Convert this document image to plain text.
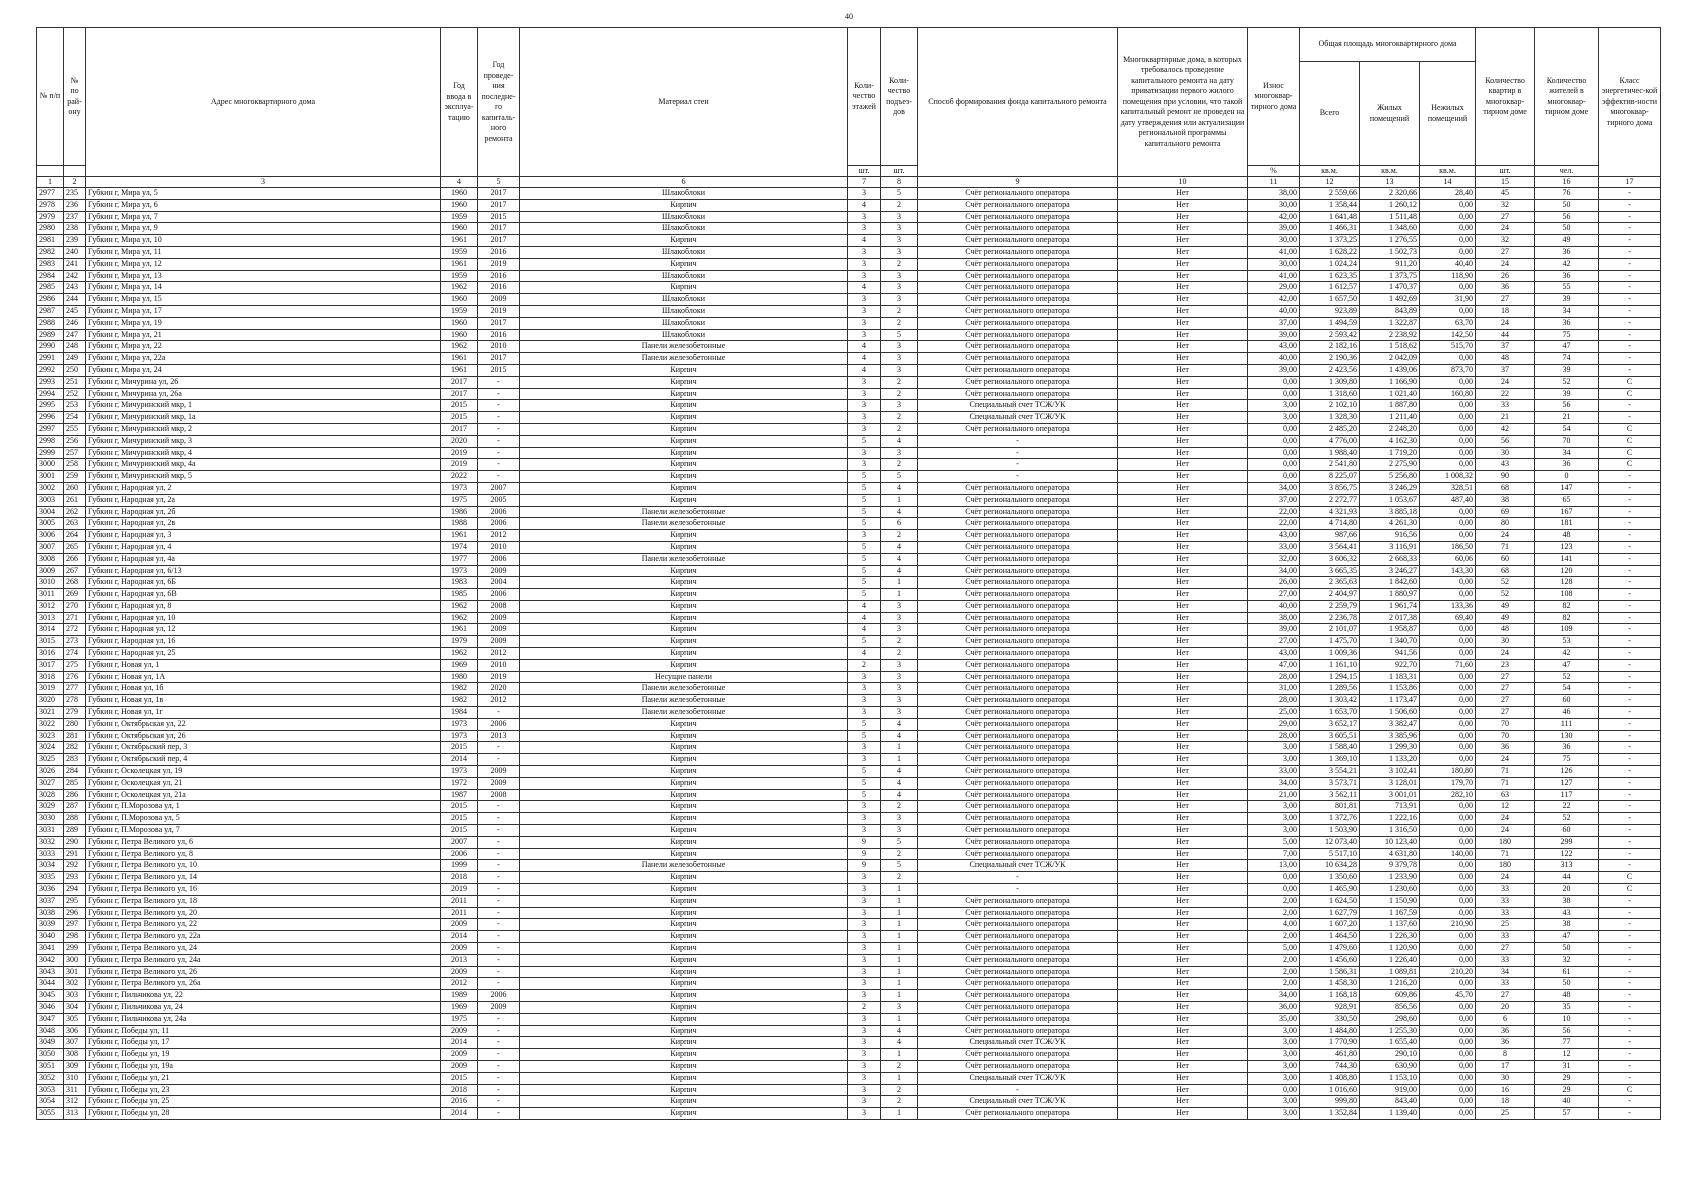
40
№ п/п	№ по рай-ону	Адрес многоквартирного дома	Год ввода в эксплуа-тацию	Год проведе-ния последне-го капиталь-ного ремонта	Материал стен	Коли-чество этажей	Коли-чество подъез-дов	Способ формирования фонда капитального ремонта	Многоквартирные дома, в которых требовалось проведение капитального ремонта на дату приватизации первого жилого помещения при условии, что такой капитальный ремонт не проведен на дату утверждения или актуализации региональной программы капитального ремонта	Износ многоквар-тирного дома	Общая площадь многоквартирного дома			Количество квартир в многоквар-тирном доме	Количество жителей в многоквар-тирном доме	Класс энергетичес-кой эффектив-ности многоквар-тирного дома
											Всего	Жилых помещений	Нежилых помещений			
						шт.	шт.			%	кв.м.	кв.м.	кв.м.	шт.	чел.	
1	2	3	4	5	6	7	8	9	10	11	12	13	14	15	16	17
2977	235	Губкин г, Мира ул, 5	1960	2017	Шлакоблоки	3	5	Счёт регионального оператора	Нет	38,00	2 559,66	2 320,66	28,40	45	76	-
2978	236	Губкин г, Мира ул, 6	1960	2017	Кирпич	4	2	Счёт регионального оператора	Нет	30,00	1 358,44	1 260,12	0,00	32	50	-
2979	237	Губкин г, Мира ул, 7	1959	2015	Шлакоблоки	3	3	Счёт регионального оператора	Нет	42,00	1 641,48	1 511,48	0,00	27	56	-
2980	238	Губкин г, Мира ул, 9	1960	2017	Шлакоблоки	3	3	Счёт регионального оператора	Нет	39,00	1 466,31	1 348,60	0,00	24	50	-
2981	239	Губкин г, Мира ул, 10	1961	2017	Кирпич	4	3	Счёт регионального оператора	Нет	30,00	1 373,25	1 276,55	0,00	32	49	-
2982	240	Губкин г, Мира ул, 11	1959	2016	Шлакоблоки	3	3	Счёт регионального оператора	Нет	41,00	1 628,22	1 502,73	0,00	27	36	-
2983	241	Губкин г, Мира ул, 12	1961	2019	Кирпич	3	2	Счёт регионального оператора	Нет	30,00	1 024,24	911,20	40,40	24	42	-
2984	242	Губкин г, Мира ул, 13	1959	2016	Шлакоблоки	3	3	Счёт регионального оператора	Нет	41,00	1 623,35	1 373,75	118,90	26	36	-
2985	243	Губкин г, Мира ул, 14	1962	2016	Кирпич	4	3	Счёт регионального оператора	Нет	29,00	1 612,57	1 470,37	0,00	36	55	-
2986	244	Губкин г, Мира ул, 15	1960	2009	Шлакоблоки	3	3	Счёт регионального оператора	Нет	42,00	1 657,50	1 492,69	31,90	27	39	-
2987	245	Губкин г, Мира ул, 17	1959	2019	Шлакоблоки	3	2	Счёт регионального оператора	Нет	40,00	923,89	843,89	0,00	18	34	-
2988	246	Губкин г, Мира ул, 19	1960	2017	Шлакоблоки	3	2	Счёт регионального оператора	Нет	37,00	1 494,59	1 322,87	63,70	24	36	-
2989	247	Губкин г, Мира ул, 21	1960	2016	Шлакоблоки	3	5	Счёт регионального оператора	Нет	39,00	2 593,42	2 238,92	142,50	44	75	-
2990	248	Губкин г, Мира ул, 22	1962	2010	Панели железобетонные	4	3	Счёт регионального оператора	Нет	43,00	2 182,16	1 518,62	515,70	37	47	-
2991	249	Губкин г, Мира ул, 22а	1961	2017	Панели железобетонные	4	3	Счёт регионального оператора	Нет	40,00	2 190,36	2 042,09	0,00	48	74	-
2992	250	Губкин г, Мира ул, 24	1961	2015	Кирпич	4	3	Счёт регионального оператора	Нет	39,00	2 423,56	1 439,06	873,70	37	39	-
2993	251	Губкин г, Мичурина ул, 26	2017	-	Кирпич	3	2	Счёт регионального оператора	Нет	0,00	1 309,80	1 166,90	0,00	24	52	С
2994	252	Губкин г, Мичурина ул, 26а	2017	-	Кирпич	3	2	Счёт регионального оператора	Нет	0,00	1 318,60	1 021,40	160,80	22	39	С
2995	253	Губкин г, Мичуринский мкр, 1	2015	-	Кирпич	3	3	Специальный счет ТСЖ/УК	Нет	3,00	2 102,10	1 887,80	0,00	33	56	-
2996	254	Губкин г, Мичуринский мкр, 1а	2015	-	Кирпич	3	2	Специальный счет ТСЖ/УК	Нет	3,00	1 328,30	1 211,40	0,00	21	21	-
2997	255	Губкин г, Мичуринский мкр, 2	2017	-	Кирпич	3	2	Счёт регионального оператора	Нет	0,00	2 485,20	2 248,20	0,00	42	54	С
2998	256	Губкин г, Мичуринский мкр, 3	2020	-	Кирпич	5	4	-	Нет	0,00	4 776,00	4 162,30	0,00	56	70	С
2999	257	Губкин г, Мичуринский мкр, 4	2019	-	Кирпич	3	3	-	Нет	0,00	1 988,40	1 719,20	0,00	30	34	С
3000	258	Губкин г, Мичуринский мкр, 4а	2019	-	Кирпич	3	2	-	Нет	0,00	2 541,80	2 275,90	0,00	43	36	С
3001	259	Губкин г, Мичуринский мкр, 5	2022	-	Кирпич	5	5	-	Нет	0,00	8 225,07	5 256,80	1 008,32	90	0	-
3002	260	Губкин г, Народная ул, 2	1973	2007	Кирпич	5	4	Счёт регионального оператора	Нет	34,00	3 856,75	3 246,29	328,51	68	147	-
3003	261	Губкин г, Народная ул, 2а	1975	2005	Кирпич	5	1	Счёт регионального оператора	Нет	37,00	2 272,77	1 053,67	487,40	38	65	-
3004	262	Губкин г, Народная ул, 2б	1986	2006	Панели железобетонные	5	4	Счёт регионального оператора	Нет	22,00	4 321,93	3 885,18	0,00	69	167	-
3005	263	Губкин г, Народная ул, 2в	1988	2006	Панели железобетонные	5	6	Счёт регионального оператора	Нет	22,00	4 714,80	4 261,30	0,00	80	181	-
3006	264	Губкин г, Народная ул, 3	1961	2012	Кирпич	3	2	Счёт регионального оператора	Нет	43,00	987,66	916,56	0,00	24	48	-
3007	265	Губкин г, Народная ул, 4	1974	2010	Кирпич	5	4	Счёт регионального оператора	Нет	33,00	3 564,41	3 116,91	186,50	71	123	-
3008	266	Губкин г, Народная ул, 4а	1977	2006	Панели железобетонные	5	4	Счёт регионального оператора	Нет	32,00	3 606,32	2 668,33	60,06	60	141	-
3009	267	Губкин г, Народная ул, 6/13	1973	2009	Кирпич	5	4	Счёт регионального оператора	Нет	34,00	3 665,35	3 246,27	143,30	68	120	-
3010	268	Губкин г, Народная ул, 6Б	1983	2004	Кирпич	5	1	Счёт регионального оператора	Нет	26,00	2 365,63	1 842,60	0,00	52	128	-
3011	269	Губкин г, Народная ул, 6В	1985	2006	Кирпич	5	1	Счёт регионального оператора	Нет	27,00	2 404,97	1 880,97	0,00	52	108	-
3012	270	Губкин г, Народная ул, 8	1962	2008	Кирпич	4	3	Счёт регионального оператора	Нет	40,00	2 259,79	1 961,74	133,36	49	82	-
3013	271	Губкин г, Народная ул, 10	1962	2009	Кирпич	4	3	Счёт регионального оператора	Нет	38,00	2 236,78	2 017,38	69,40	49	82	-
3014	272	Губкин г, Народная ул, 12	1961	2009	Кирпич	4	3	Счёт регионального оператора	Нет	39,00	2 101,07	1 958,87	0,00	48	109	-
3015	273	Губкин г, Народная ул, 16	1979	2009	Кирпич	5	2	Счёт регионального оператора	Нет	27,00	1 475,70	1 340,70	0,00	30	53	-
3016	274	Губкин г, Народная ул, 25	1962	2012	Кирпич	4	2	Счёт регионального оператора	Нет	43,00	1 009,36	941,56	0,00	24	42	-
3017	275	Губкин г, Новая ул, 1	1969	2010	Кирпич	2	3	Счёт регионального оператора	Нет	47,00	1 161,10	922,70	71,60	23	47	-
3018	276	Губкин г, Новая ул, 1А	1980	2019	Несущие панели	3	3	Счёт регионального оператора	Нет	28,00	1 294,15	1 183,31	0,00	27	52	-
3019	277	Губкин г, Новая ул, 1б	1982	2020	Панели железобетонные	3	3	Счёт регионального оператора	Нет	31,00	1 289,56	1 153,86	0,00	27	54	-
3020	278	Губкин г, Новая ул, 1в	1982	2012	Панели железобетонные	3	3	Счёт регионального оператора	Нет	28,00	1 303,42	1 173,47	0,00	27	60	-
3021	279	Губкин г, Новая ул, 1г	1984	-	Панели железобетонные	3	3	Счёт регионального оператора	Нет	25,00	1 653,70	1 506,60	0,00	27	46	-
3022	280	Губкин г, Октябрьская ул, 22	1973	2006	Кирпич	5	4	Счёт регионального оператора	Нет	29,00	3 652,17	3 382,47	0,00	70	111	-
3023	281	Губкин г, Октябрьская ул, 26	1973	2013	Кирпич	5	4	Счёт регионального оператора	Нет	28,00	3 605,51	3 385,96	0,00	70	130	-
3024	282	Губкин г, Октябрьский пер, 3	2015	-	Кирпич	3	1	Счёт регионального оператора	Нет	3,00	1 588,40	1 299,30	0,00	36	36	-
3025	283	Губкин г, Октябрьский пер, 4	2014	-	Кирпич	3	1	Счёт регионального оператора	Нет	3,00	1 369,10	1 133,20	0,00	24	75	-
3026	284	Губкин г, Осколецкая ул, 19	1973	2009	Кирпич	5	4	Счёт регионального оператора	Нет	33,00	3 554,21	3 102,41	180,80	71	126	-
3027	285	Губкин г, Осколецкая ул, 21	1972	2009	Кирпич	5	4	Счёт регионального оператора	Нет	34,00	3 573,71	3 128,01	179,70	71	127	-
3028	286	Губкин г, Осколецкая ул, 21а	1987	2008	Кирпич	5	4	Счёт регионального оператора	Нет	21,00	3 562,11	3 001,01	282,10	63	117	-
3029	287	Губкин г, П.Морозова ул, 1	2015	-	Кирпич	3	2	Счёт регионального оператора	Нет	3,00	801,81	713,91	0,00	12	22	-
3030	288	Губкин г, П.Морозова ул, 5	2015	-	Кирпич	3	3	Счёт регионального оператора	Нет	3,00	1 372,76	1 222,16	0,00	24	52	-
3031	289	Губкин г, П.Морозова ул, 7	2015	-	Кирпич	3	3	Счёт регионального оператора	Нет	3,00	1 503,90	1 316,50	0,00	24	60	-
3032	290	Губкин г, Петра Великого ул, 6	2007	-	Кирпич	9	5	Счёт регионального оператора	Нет	5,00	12 073,40	10 123,40	0,00	180	299	-
3033	291	Губкин г, Петра Великого ул, 8	2006	-	Кирпич	9	2	Счёт регионального оператора	Нет	7,00	5 517,10	4 631,80	140,00	71	122	-
3034	292	Губкин г, Петра Великого ул, 10	1999	-	Панели железобетонные	9	5	Специальный счет ТСЖ/УК	Нет	13,00	10 634,28	9 379,78	0,00	180	313	-
3035	293	Губкин г, Петра Великого ул, 14	2018	-	Кирпич	3	2	-	Нет	0,00	1 350,60	1 233,90	0,00	24	44	С
3036	294	Губкин г, Петра Великого ул, 16	2019	-	Кирпич	3	1	-	Нет	0,00	1 465,90	1 230,60	0,00	33	20	С
3037	295	Губкин г, Петра Великого ул, 18	2011	-	Кирпич	3	1	Счёт регионального оператора	Нет	2,00	1 624,50	1 150,90	0,00	33	38	-
3038	296	Губкин г, Петра Великого ул, 20	2011	-	Кирпич	3	1	Счёт регионального оператора	Нет	2,00	1 627,79	1 167,59	0,00	33	43	-
3039	297	Губкин г, Петра Великого ул, 22	2009	-	Кирпич	3	1	Счёт регионального оператора	Нет	4,00	1 607,20	1 137,60	210,90	25	38	-
3040	298	Губкин г, Петра Великого ул, 22а	2014	-	Кирпич	3	1	Счёт регионального оператора	Нет	2,00	1 464,50	1 226,30	0,00	33	47	-
3041	299	Губкин г, Петра Великого ул, 24	2009	-	Кирпич	3	1	Счёт регионального оператора	Нет	5,00	1 479,60	1 120,90	0,00	27	50	-
3042	300	Губкин г, Петра Великого ул, 24а	2013	-	Кирпич	3	1	Счёт регионального оператора	Нет	2,00	1 456,60	1 226,40	0,00	33	32	-
3043	301	Губкин г, Петра Великого ул, 26	2009	-	Кирпич	3	1	Счёт регионального оператора	Нет	2,00	1 586,31	1 089,81	210,20	34	61	-
3044	302	Губкин г, Петра Великого ул, 26а	2012	-	Кирпич	3	1	Счёт регионального оператора	Нет	2,00	1 458,30	1 216,20	0,00	33	50	-
3045	303	Губкин г, Пильчикова ул, 22	1989	2006	Кирпич	3	1	Счёт регионального оператора	Нет	34,00	1 168,18	609,86	45,70	27	48	-
3046	304	Губкин г, Пильчикова ул, 24	1969	2009	Кирпич	2	3	Счёт регионального оператора	Нет	36,00	928,91	856,56	0,00	20	35	-
3047	305	Губкин г, Пильчикова ул, 24а	1975	-	Кирпич	3	1	Счёт регионального оператора	Нет	35,00	330,50	298,60	0,00	6	10	-
3048	306	Губкин г, Победы ул, 11	2009	-	Кирпич	3	4	Счёт регионального оператора	Нет	3,00	1 484,80	1 255,30	0,00	36	56	-
3049	307	Губкин г, Победы ул, 17	2014	-	Кирпич	3	4	Специальный счет ТСЖ/УК	Нет	3,00	1 770,90	1 655,40	0,00	36	77	-
3050	308	Губкин г, Победы ул, 19	2009	-	Кирпич	3	1	Счёт регионального оператора	Нет	3,00	461,80	290,10	0,00	8	12	-
3051	309	Губкин г, Победы ул, 19а	2009	-	Кирпич	3	2	Счёт регионального оператора	Нет	3,00	744,30	630,90	0,00	17	31	-
3052	310	Губкин г, Победы ул, 21	2015	-	Кирпич	3	1	Специальный счет ТСЖ/УК	Нет	3,00	1 408,80	1 153,10	0,00	30	29	-
3053	311	Губкин г, Победы ул, 23	2018	-	Кирпич	3	2	-	Нет	0,00	1 016,60	919,00	0,00	16	29	С
3054	312	Губкин г, Победы ул, 25	2016	-	Кирпич	3	2	Специальный счет ТСЖ/УК	Нет	3,00	999,80	843,40	0,00	18	40	-
3055	313	Губкин г, Победы ул, 28	2014	-	Кирпич	3	1	Счёт регионального оператора	Нет	3,00	1 352,84	1 139,40	0,00	25	57	-
